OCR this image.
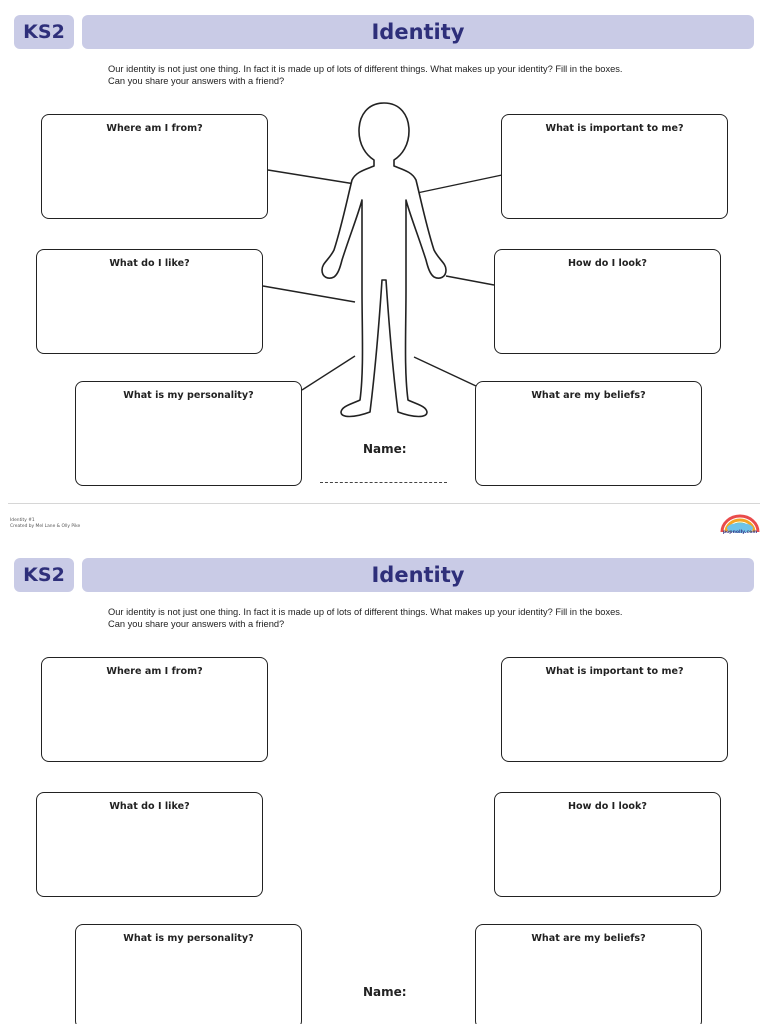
KS2	Identity
Our identity is not just one thing. In fact it is made up of lots of different things. What makes up your identity? Fill in the boxes.
Can you share your answers with a friend?
Where am I from?	What is important to me?
What do I like?	How do I look?
What is my personality?	What are my beliefs?
Name:
Identity #1
Created by Mel Lane & Olly Pike
popnolly.com
KS2	Identity
Our identity is not just one thing. In fact it is made up of lots of different things. What makes up your identity? Fill in the boxes.
Can you share your answers with a friend?
Where am I from?	What is important to me?
What do I like?	How do I look?
What is my personality?	What are my beliefs?
Name:
